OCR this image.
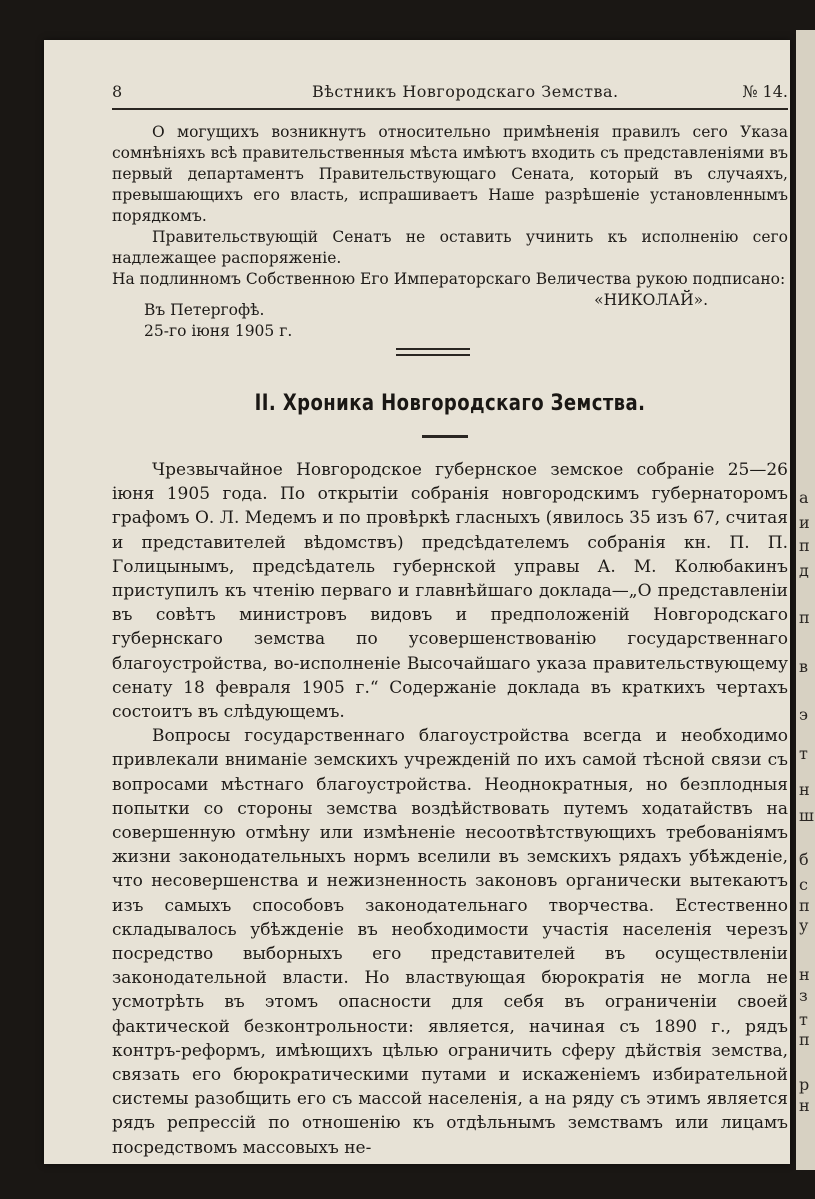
8	Вѣстникъ Новгородскаго Земства.	№ 14.

О могущихъ возникнутъ относительно примѣненія правилъ сего Указа сомнѣніяхъ всѣ правительственныя мѣста имѣютъ входить съ представленіями въ первый департаментъ Правительствующаго Сената, который въ случаяхъ, превышающихъ его власть, испрашиваетъ Нашe разрѣшеніе установленнымъ порядкомъ.

Правительствующій Сенатъ не оставить учинить къ исполненію сего надлежащее распоряженіе.

На подлинномъ Собственною Его Императорскаго Величества рукою подписано:

«НИКОЛАЙ».

Въ Петергофѣ.
25-го іюня 1905 г.
II. Хроника Новгородскаго Земства.

Чрезвычайное Новгородское губернское земское собраніе 25—26 іюня 1905 года. По открытіи собранія новгородскимъ губернаторомъ графомъ О. Л. Медемъ и по провѣркѣ гласныхъ (явилось 35 изъ 67, считая и представителей вѣдомствъ) предсѣдателемъ собранія кн. П. П. Голицынымъ, предсѣдатель губернской управы А. М. Колюбакинъ приступилъ къ чтенію перваго и главнѣйшаго доклада—„О представленіи въ совѣтъ министровъ видовъ и предположеній Новгородскаго губернскаго земства по усовершенствованію государственнаго благоустройства, во-исполненіе Высочайшаго указа правительствующему сенату 18 февраля 1905 г.“ Содержаніе доклада въ краткихъ чертахъ состоитъ въ слѣдующемъ.

Вопросы государственнаго благоустройства всегда и необходимо привлекали вниманіе земскихъ учрежденій по ихъ самой тѣсной связи съ вопросами мѣстнаго благоустройства. Неоднократныя, но безплодныя попытки со стороны земства воздѣйствовать путемъ ходатайствъ на совершенную отмѣну или измѣненіе несоотвѣтствующихъ требованіямъ жизни законодательныхъ нормъ вселили въ земскихъ рядахъ убѣжденіе, что несовершенства и нежизненность законовъ органически вытекаютъ изъ самыхъ способовъ законодательнаго творчества. Естественно складывалось убѣжденіе въ необходимости участія населенія черезъ посредство выборныхъ его представителей въ осуществленіи законодательной власти. Но властвующая бюрократія не могла не усмотрѣть въ этомъ опасности для себя въ ограниченіи своей фактической безконтрольности: является, начиная съ 1890 г., рядъ контръ-реформъ, имѣющихъ цѣлью ограничить сферу дѣйствія земства, связать его бюрократическими путами и искаженіемъ избирательной системы разобщить его съ массой населенія, а на ряду съ этимъ является рядъ репрессій по отношенію къ отдѣльнымъ земствамъ или лицамъ посредствомъ массовыхъ не-

а
и
п
д
п
в
э
т
н
ш
б
с
п
у
н
з
т
п
р
н
